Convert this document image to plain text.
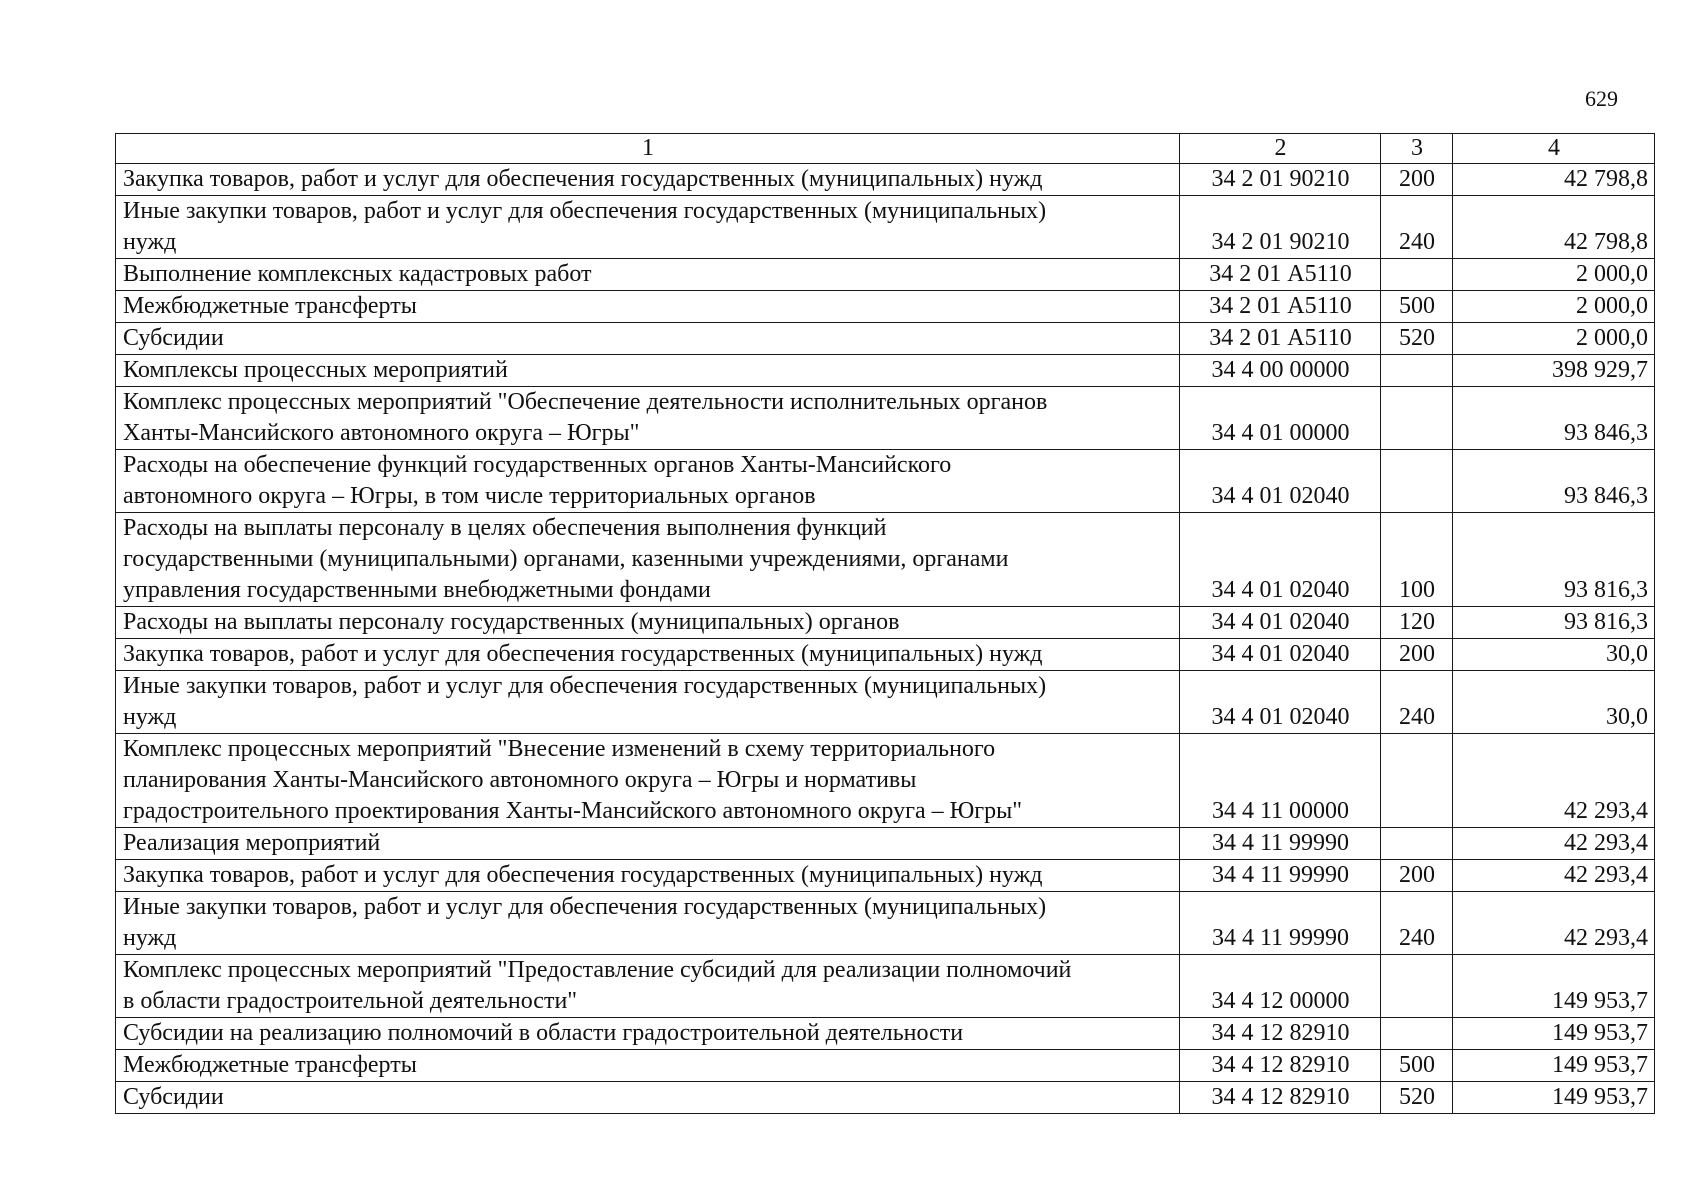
629
1	2	3	4
Закупка товаров, работ и услуг для обеспечения государственных (муниципальных) нужд	34 2 01 90210	200	42 798,8
Иные закупки товаров, работ и услуг для обеспечения государственных (муниципальных)
нужд	34 2 01 90210	240	42 798,8
Выполнение комплексных кадастровых работ	34 2 01 А5110		2 000,0
Межбюджетные трансферты	34 2 01 А5110	500	2 000,0
Субсидии	34 2 01 А5110	520	2 000,0
Комплексы процессных мероприятий	34 4 00 00000		398 929,7
Комплекс процессных мероприятий "Обеспечение деятельности исполнительных органов
Ханты-Мансийского автономного округа – Югры"	34 4 01 00000		93 846,3
Расходы на обеспечение функций государственных органов Ханты-Мансийского
автономного округа – Югры, в том числе территориальных органов	34 4 01 02040		93 846,3
Расходы на выплаты персоналу в целях обеспечения выполнения функций
государственными (муниципальными) органами, казенными учреждениями, органами
управления государственными внебюджетными фондами	34 4 01 02040	100	93 816,3
Расходы на выплаты персоналу государственных (муниципальных) органов	34 4 01 02040	120	93 816,3
Закупка товаров, работ и услуг для обеспечения государственных (муниципальных) нужд	34 4 01 02040	200	30,0
Иные закупки товаров, работ и услуг для обеспечения государственных (муниципальных)
нужд	34 4 01 02040	240	30,0
Комплекс процессных мероприятий "Внесение изменений в схему территориального
планирования Ханты-Мансийского автономного округа – Югры и нормативы
градостроительного проектирования Ханты-Мансийского автономного округа – Югры"	34 4 11 00000		42 293,4
Реализация мероприятий	34 4 11 99990		42 293,4
Закупка товаров, работ и услуг для обеспечения государственных (муниципальных) нужд	34 4 11 99990	200	42 293,4
Иные закупки товаров, работ и услуг для обеспечения государственных (муниципальных)
нужд	34 4 11 99990	240	42 293,4
Комплекс процессных мероприятий "Предоставление субсидий для реализации полномочий
в области градостроительной деятельности"	34 4 12 00000		149 953,7
Субсидии на реализацию полномочий в области градостроительной деятельности	34 4 12 82910		149 953,7
Межбюджетные трансферты	34 4 12 82910	500	149 953,7
Субсидии	34 4 12 82910	520	149 953,7
